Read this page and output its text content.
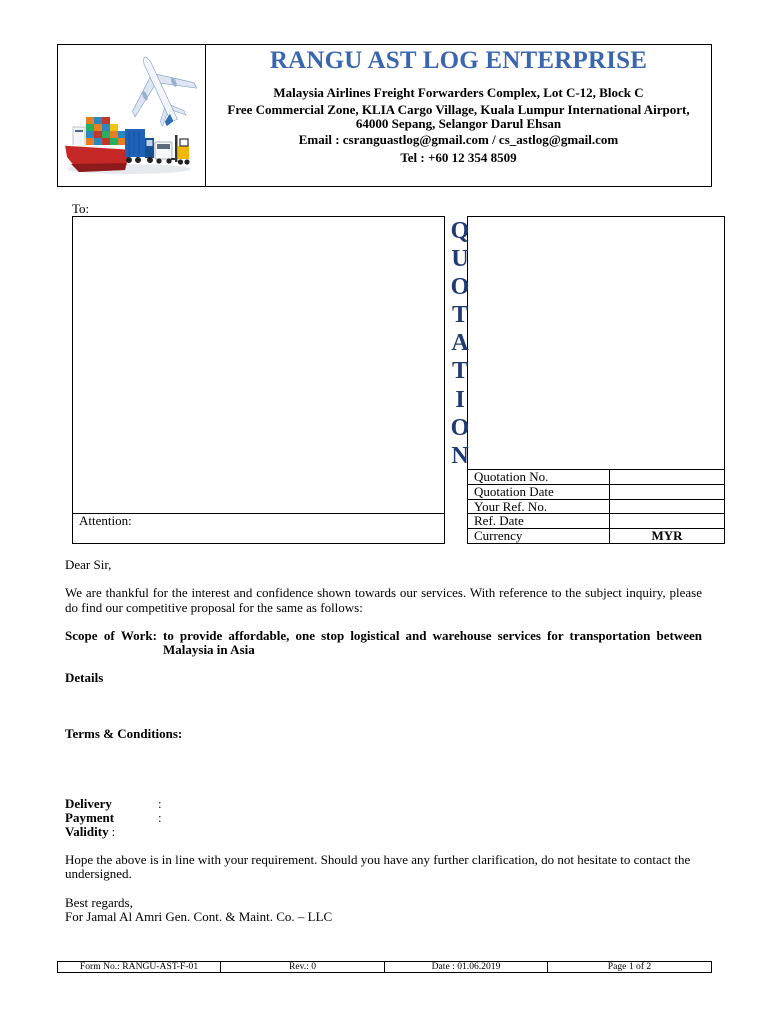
RANGU AST LOG ENTERPRISE
Malaysia Airlines Freight Forwarders Complex, Lot C-12, Block C
Free Commercial Zone, KLIA Cargo Village, Kuala Lumpur International Airport,
64000 Sepang, Selangor Darul Ehsan
Email : csranguastlog@gmail.com / cs_astlog@gmail.com
Tel : +60 12 354 8509
To:
Attention:
Q
U
O
T
A
T
I
O
N
Quotation No.
Quotation Date
Your Ref. No.
Ref. Date
Currency	MYR
Dear Sir,
We are thankful for the interest and confidence shown towards our services. With reference to the subject inquiry, please do find our competitive proposal for the same as follows:
Scope of Work: to provide affordable, one stop logistical and warehouse services for transportation between Malaysia in Asia
Details
Terms & Conditions:
Delivery	:
Payment	:
Validity :
Hope the above is in line with your requirement. Should you have any further clarification, do not hesitate to contact the undersigned.
Best regards,
For Jamal Al Amri Gen. Cont. & Maint. Co. – LLC
Form No.: RANGU-AST-F-01	Rev.: 0	Date : 01.06.2019	Page 1 of 2
